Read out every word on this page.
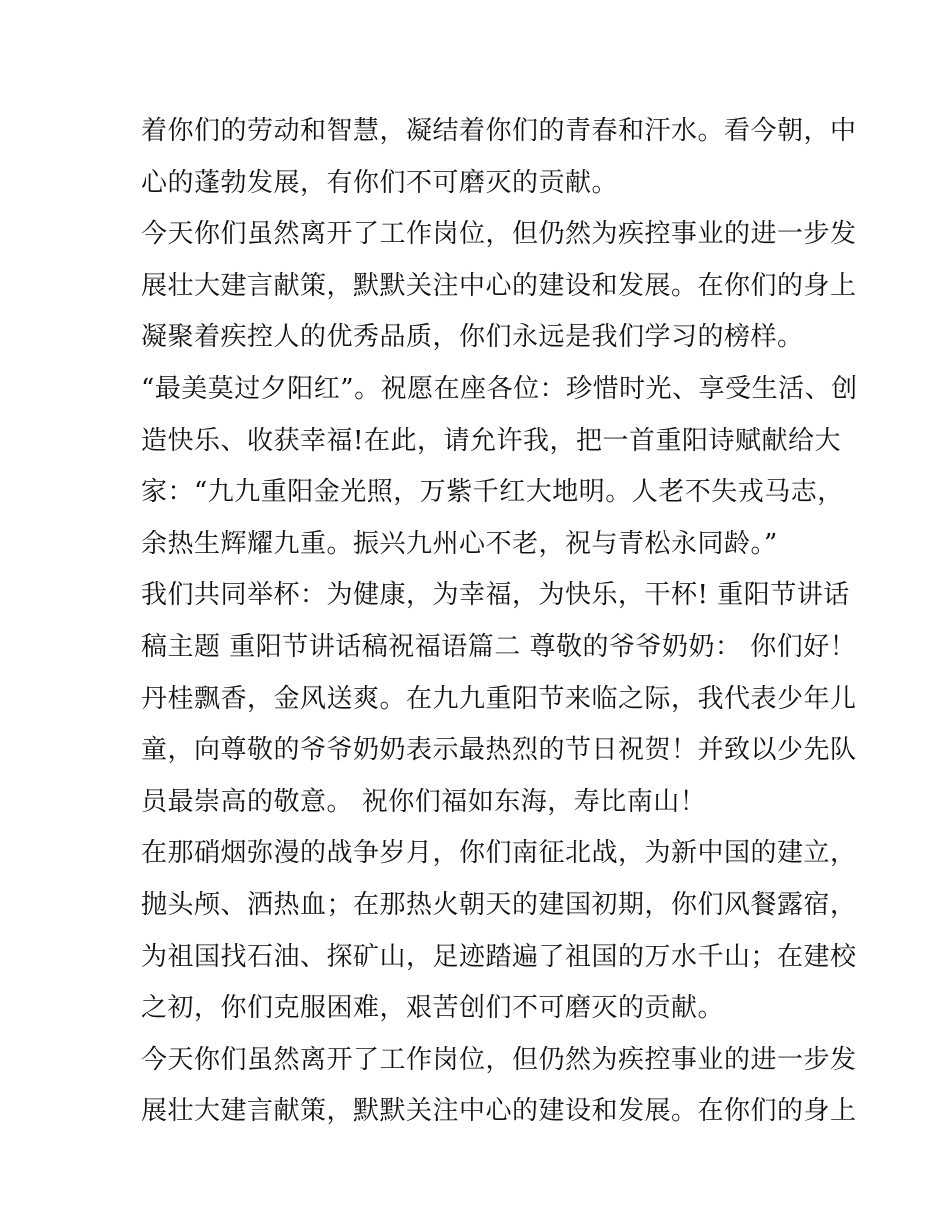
着你们的劳动和智慧，凝结着你们的青春和汗水。看今朝，中
心的蓬勃发展，有你们不可磨灭的贡献。
今天你们虽然离开了工作岗位，但仍然为疾控事业的进一步发
展壮大建言献策，默默关注中心的建设和发展。在你们的身上
凝聚着疾控人的优秀品质，你们永远是我们学习的榜样。
“最美莫过夕阳红”。祝愿在座各位：珍惜时光、享受生活、创
造快乐、收获幸福!在此，请允许我，把一首重阳诗赋献给大
家：“九九重阳金光照，万紫千红大地明。人老不失戎马志，
余热生辉耀九重。振兴九州心不老，祝与青松永同龄。”
我们共同举杯：为健康，为幸福，为快乐，干杯! 重阳节讲话
稿主题 重阳节讲话稿祝福语篇二 尊敬的爷爷奶奶： 你们好！
丹桂飘香，金风送爽。在九九重阳节来临之际，我代表少年儿
童，向尊敬的爷爷奶奶表示最热烈的节日祝贺！并致以少先队
员最崇高的敬意。 祝你们福如东海，寿比南山！
在那硝烟弥漫的战争岁月，你们南征北战，为新中国的建立，
抛头颅、洒热血；在那热火朝天的建国初期，你们风餐露宿，
为祖国找石油、探矿山，足迹踏遍了祖国的万水千山；在建校
之初，你们克服困难，艰苦创们不可磨灭的贡献。
今天你们虽然离开了工作岗位，但仍然为疾控事业的进一步发
展壮大建言献策，默默关注中心的建设和发展。在你们的身上
